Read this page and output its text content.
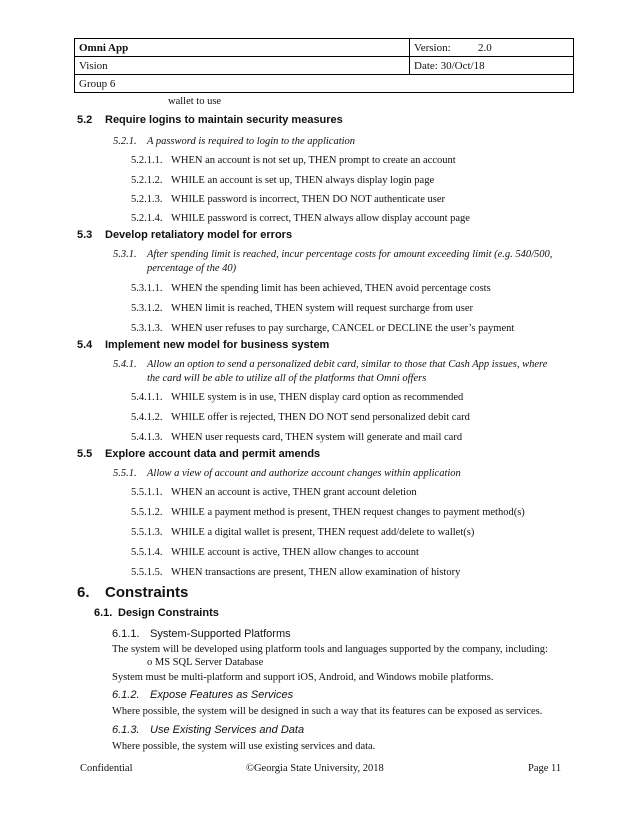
Omni App	Version: 2.0
Vision	Date: 30/Oct/18
Group 6	
wallet to use
5.2 Require logins to maintain security measures
5.2.1. A password is required to login to the application
5.2.1.1. WHEN an account is not set up, THEN prompt to create an account
5.2.1.2. WHILE an account is set up, THEN always display login page
5.2.1.3. WHILE password is incorrect, THEN DO NOT authenticate user
5.2.1.4. WHILE password is correct, THEN always allow display account page
5.3 Develop retaliatory model for errors
5.3.1. After spending limit is reached, incur percentage costs for amount exceeding limit (e.g. 540/500,
percentage of the 40)
5.3.1.1. WHEN the spending limit has been achieved, THEN avoid percentage costs
5.3.1.2. WHEN limit is reached, THEN system will request surcharge from user
5.3.1.3. WHEN user refuses to pay surcharge, CANCEL or DECLINE the user’s payment
5.4 Implement new model for business system
5.4.1. Allow an option to send a personalized debit card, similar to those that Cash App issues, where
the card will be able to utilize all of the platforms that Omni offers
5.4.1.1. WHILE system is in use, THEN display card option as recommended
5.4.1.2. WHILE offer is rejected, THEN DO NOT send personalized debit card
5.4.1.3. WHEN user requests card, THEN system will generate and mail card
5.5 Explore account data and permit amends
5.5.1. Allow a view of account and authorize account changes within application
5.5.1.1. WHEN an account is active, THEN grant account deletion
5.5.1.2. WHILE a payment method is present, THEN request changes to payment method(s)
5.5.1.3. WHILE a digital wallet is present, THEN request add/delete to wallet(s)
5.5.1.4. WHILE account is active, THEN allow changes to account
5.5.1.5. WHEN transactions are present, THEN allow examination of history
6. Constraints
6.1. Design Constraints
6.1.1. System-Supported Platforms
The system will be developed using platform tools and languages supported by the company, including:
o MS SQL Server Database
System must be multi-platform and support iOS, Android, and Windows mobile platforms.
Confidential	©Georgia State University, 2018	Page 11
6.1.2. Expose Features as Services
Where possible, the system will be designed in such a way that its features can be exposed as services.
6.1.3. Use Existing Services and Data
Where possible, the system will use existing services and data.
